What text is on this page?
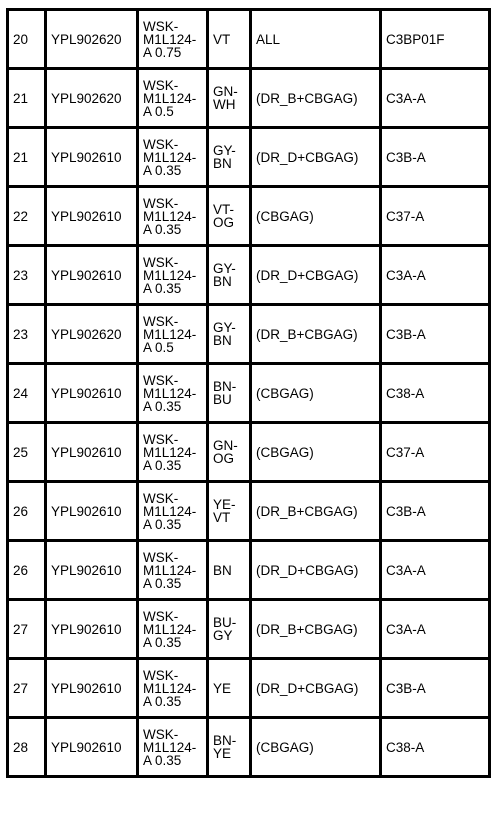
20	YPL902620	WSK-
M1L124-
A 0.75	VT	ALL	C3BP01F
21	YPL902620	WSK-
M1L124-
A 0.5	GN-
WH	(DR_B+CBGAG)	C3A-A
21	YPL902610	WSK-
M1L124-
A 0.35	GY-
BN	(DR_D+CBGAG)	C3B-A
22	YPL902610	WSK-
M1L124-
A 0.35	VT-
OG	(CBGAG)	C37-A
23	YPL902610	WSK-
M1L124-
A 0.35	GY-
BN	(DR_D+CBGAG)	C3A-A
23	YPL902620	WSK-
M1L124-
A 0.5	GY-
BN	(DR_B+CBGAG)	C3B-A
24	YPL902610	WSK-
M1L124-
A 0.35	BN-
BU	(CBGAG)	C38-A
25	YPL902610	WSK-
M1L124-
A 0.35	GN-
OG	(CBGAG)	C37-A
26	YPL902610	WSK-
M1L124-
A 0.35	YE-
VT	(DR_B+CBGAG)	C3B-A
26	YPL902610	WSK-
M1L124-
A 0.35	BN	(DR_D+CBGAG)	C3A-A
27	YPL902610	WSK-
M1L124-
A 0.35	BU-
GY	(DR_B+CBGAG)	C3A-A
27	YPL902610	WSK-
M1L124-
A 0.35	YE	(DR_D+CBGAG)	C3B-A
28	YPL902610	WSK-
M1L124-
A 0.35	BN-
YE	(CBGAG)	C38-A
